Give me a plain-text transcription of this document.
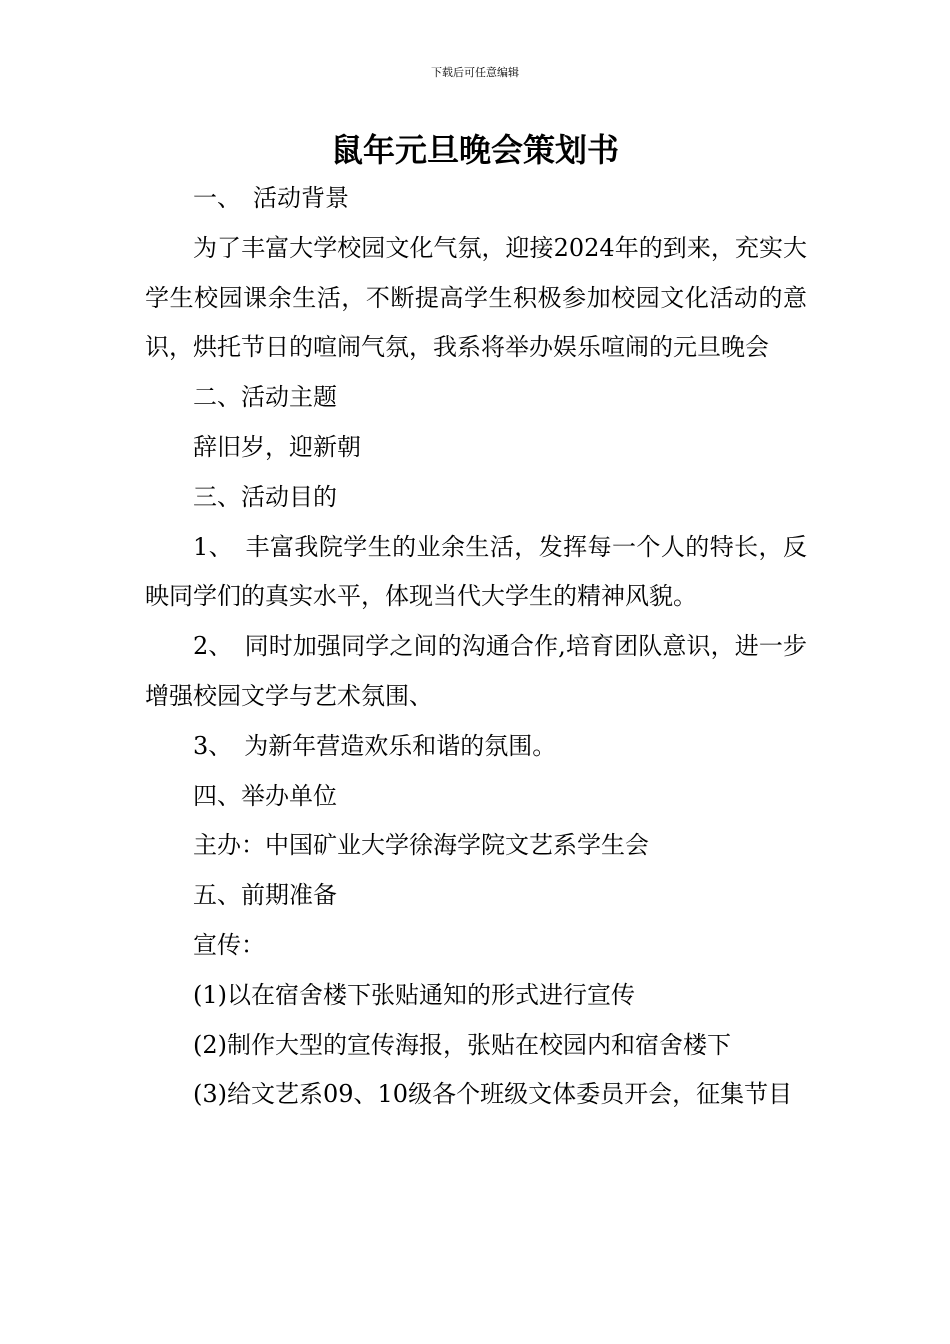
下载后可任意编辑
鼠年元旦晚会策划书

一、　活动背景

为了丰富大学校园文化气氛，迎接2024年的到来，充实大学生校园课余生活，不断提高学生积极参加校园文化活动的意识，烘托节日的喧闹气氛，我系将举办娱乐喧闹的元旦晚会

二、活动主题

辞旧岁，迎新朝

三、活动目的

1、　丰富我院学生的业余生活，发挥每一个人的特长，反映同学们的真实水平，体现当代大学生的精神风貌。

2、　同时加强同学之间的沟通合作,培育团队意识，进一步增强校园文学与艺术氛围、

3、　为新年营造欢乐和谐的氛围。

四、举办单位

主办：中国矿业大学徐海学院文艺系学生会

五、前期准备

宣传：

(1)以在宿舍楼下张贴通知的形式进行宣传

(2)制作大型的宣传海报，张贴在校园内和宿舍楼下

(3)给文艺系09、10级各个班级文体委员开会，征集节目
